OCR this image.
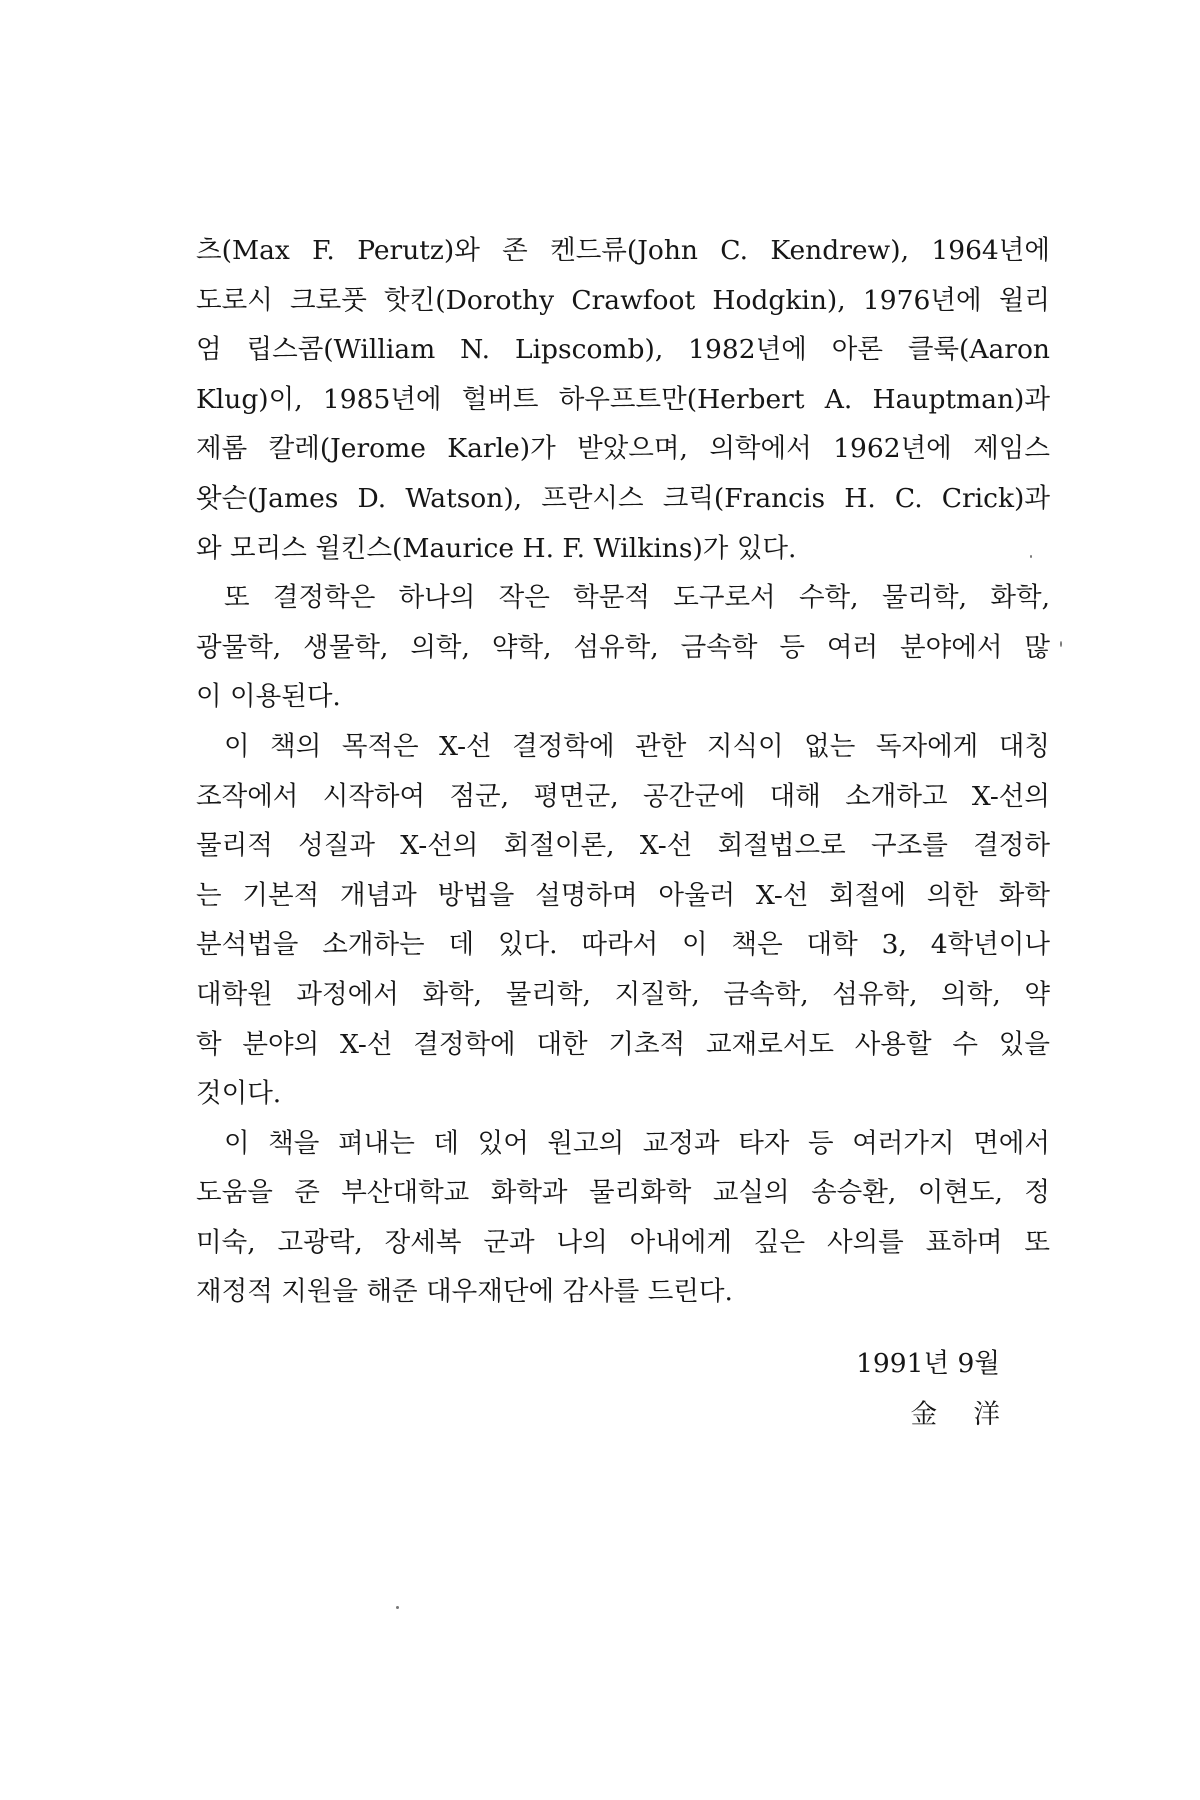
츠(Max F. Perutz)와 존 켄드류(John C. Kendrew), 1964년에
도로시 크로풋 핫킨(Dorothy Crawfoot Hodgkin), 1976년에 윌리
엄 립스콤(William N. Lipscomb), 1982년에 아론 클룩(Aaron
Klug)이, 1985년에 헐버트 하우프트만(Herbert A. Hauptman)과
제롬 칼레(Jerome Karle)가 받았으며, 의학에서 1962년에 제임스
왓슨(James D. Watson), 프란시스 크릭(Francis H. C. Crick)과
와 모리스 윌킨스(Maurice H. F. Wilkins)가 있다.
또 결정학은 하나의 작은 학문적 도구로서 수학, 물리학, 화학,
광물학, 생물학, 의학, 약학, 섬유학, 금속학 등 여러 분야에서 많
이 이용된다.
이 책의 목적은 X-선 결정학에 관한 지식이 없는 독자에게 대칭
조작에서 시작하여 점군, 평면군, 공간군에 대해 소개하고 X-선의
물리적 성질과 X-선의 회절이론, X-선 회절법으로 구조를 결정하
는 기본적 개념과 방법을 설명하며 아울러 X-선 회절에 의한 화학
분석법을 소개하는 데 있다. 따라서 이 책은 대학 3, 4학년이나
대학원 과정에서 화학, 물리학, 지질학, 금속학, 섬유학, 의학, 약
학 분야의 X-선 결정학에 대한 기초적 교재로서도 사용할 수 있을
것이다.
이 책을 펴내는 데 있어 원고의 교정과 타자 등 여러가지 면에서
도움을 준 부산대학교 화학과 물리화학 교실의 송승환, 이현도, 정
미숙, 고광락, 장세복 군과 나의 아내에게 깊은 사의를 표하며 또
재정적 지원을 해준 대우재단에 감사를 드린다.
1991년 9월
金 洋
